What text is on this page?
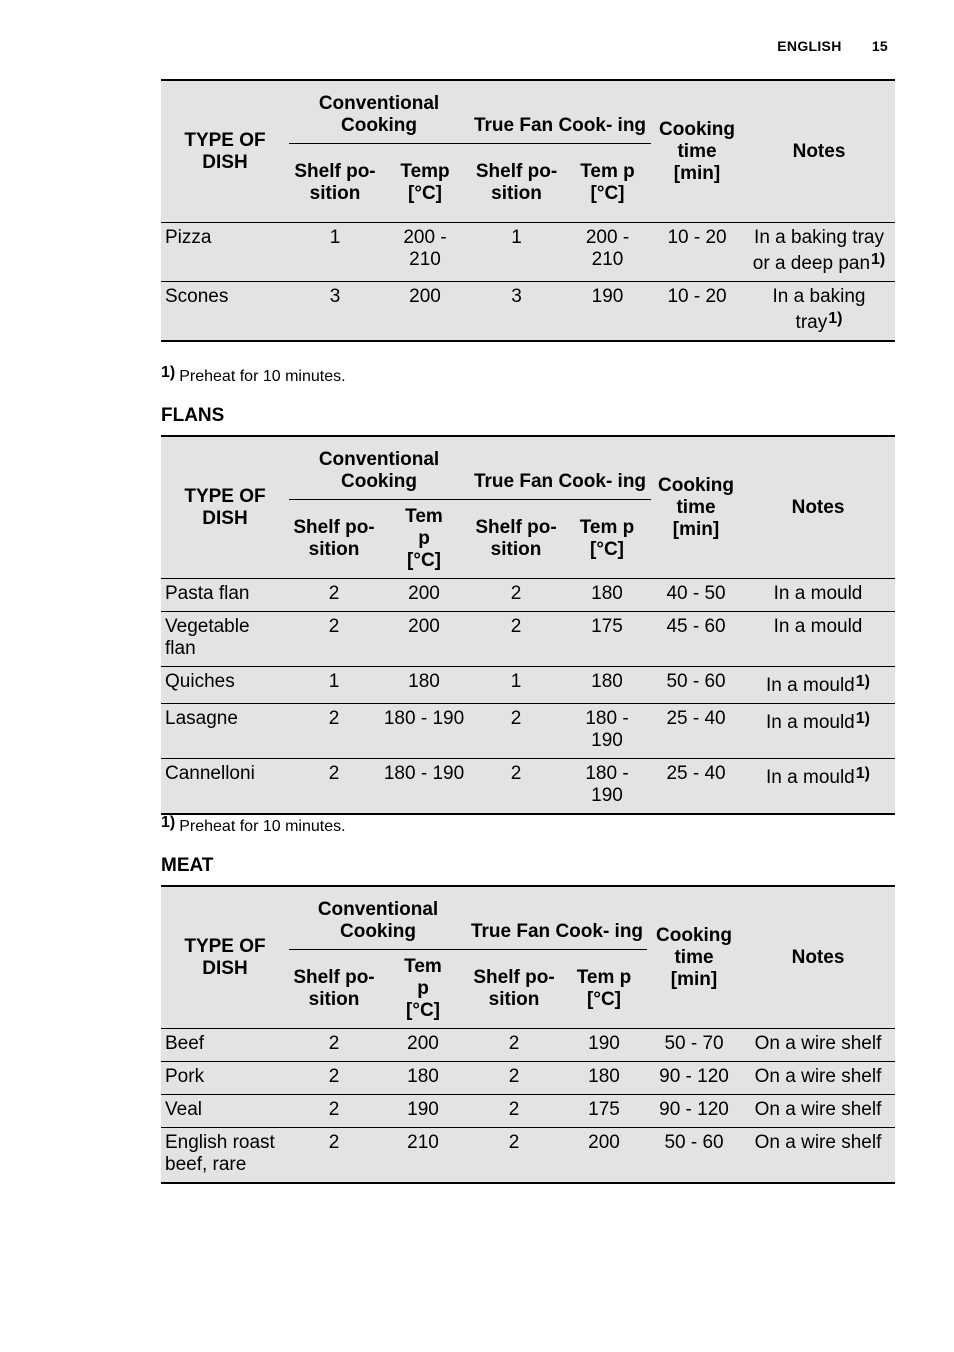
ENGLISH 15
TYPE OF DISH	Conventional Cooking		True Fan Cook- ing		Cooking time [min]	Notes
	Shelf po- sition	Temp [°C]	Shelf po- sition	Tem p [°C]		
Pizza	1	200 - 210	1	200 - 210	10 - 20	In a baking tray or a deep pan$^{1)}$
Scones	3	200	3	190	10 - 20	In a baking tray$^{1)}$
1) Preheat for 10 minutes.
FLANS
TYPE OF DISH	Conventional Cooking		True Fan Cook- ing		Cooking time [min]	Notes
	Shelf po- sition	Tem p [°C]	Shelf po- sition	Tem p [°C]		
Pasta flan	2	200	2	180	40 - 50	In a mould
Vegetable flan	2	200	2	175	45 - 60	In a mould
Quiches	1	180	1	180	50 - 60	In a mould$^{1)}$
Lasagne	2	180 - 190	2	180 - 190	25 - 40	In a mould$^{1)}$
Cannelloni	2	180 - 190	2	180 - 190	25 - 40	In a mould$^{1)}$
1) Preheat for 10 minutes.
MEAT
TYPE OF DISH	Conventional Cooking		True Fan Cook- ing		Cooking time [min]	Notes
	Shelf po- sition	Tem p [°C]	Shelf po- sition	Tem p [°C]		
Beef	2	200	2	190	50 - 70	On a wire shelf
Pork	2	180	2	180	90 - 120	On a wire shelf
Veal	2	190	2	175	90 - 120	On a wire shelf
English roast beef, rare	2	210	2	200	50 - 60	On a wire shelf
